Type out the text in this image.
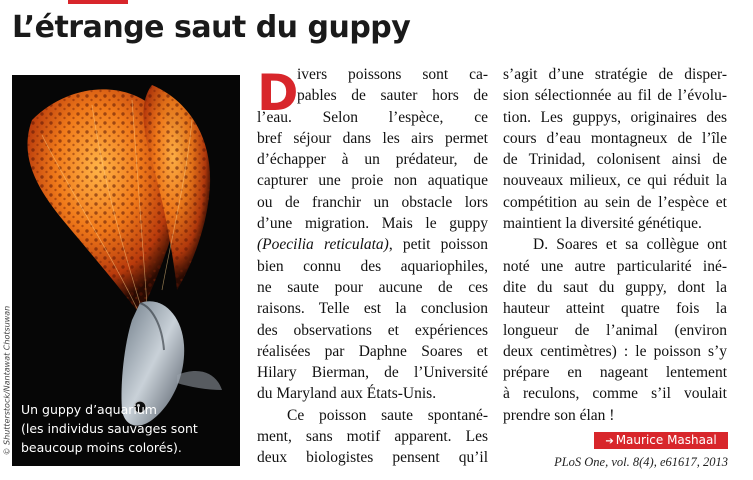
L’étrange saut du guppy
© Shutterstock/Nantawat Chotsuwan Un guppy d’aquarium
(les individus sauvages sont
beaucoup moins colorés).

D
ivers poissons sont ca-
pables de sauter hors de
l’eau. Selon l’espèce, ce
bref séjour dans les airs permet
d’échapper à un prédateur, de
capturer une proie non aquatique
ou de franchir un obstacle lors
d’une migration. Mais le guppy
(Poecilia reticulata), petit poisson
bien connu des aquariophiles,
ne saute pour aucune de ces
raisons. Telle est la conclusion
des observations et expériences
réalisées par Daphne Soares et
Hilary Bierman, de l’Université
du Maryland aux États-Unis.
Ce poisson saute spontané-
ment, sans motif apparent. Les
deux biologistes pensent qu’il
s’agit d’une stratégie de disper-
sion sélectionnée au fil de l’évolu-
tion. Les guppys, originaires des
cours d’eau montagneux de l’île
de Trinidad, colonisent ainsi de
nouveaux milieux, ce qui réduit la
compétition au sein de l’espèce et
maintient la diversité génétique.
D. Soares et sa collègue ont
noté une autre particularité iné-
dite du saut du guppy, dont la
hauteur atteint quatre fois la
longueur de l’animal (environ
deux centimètres) : le poisson s’y
prépare en nageant lentement
à reculons, comme s’il voulait
prendre son élan !
➔ Maurice Mashaal
PLoS One, vol. 8(4), e61617, 2013
